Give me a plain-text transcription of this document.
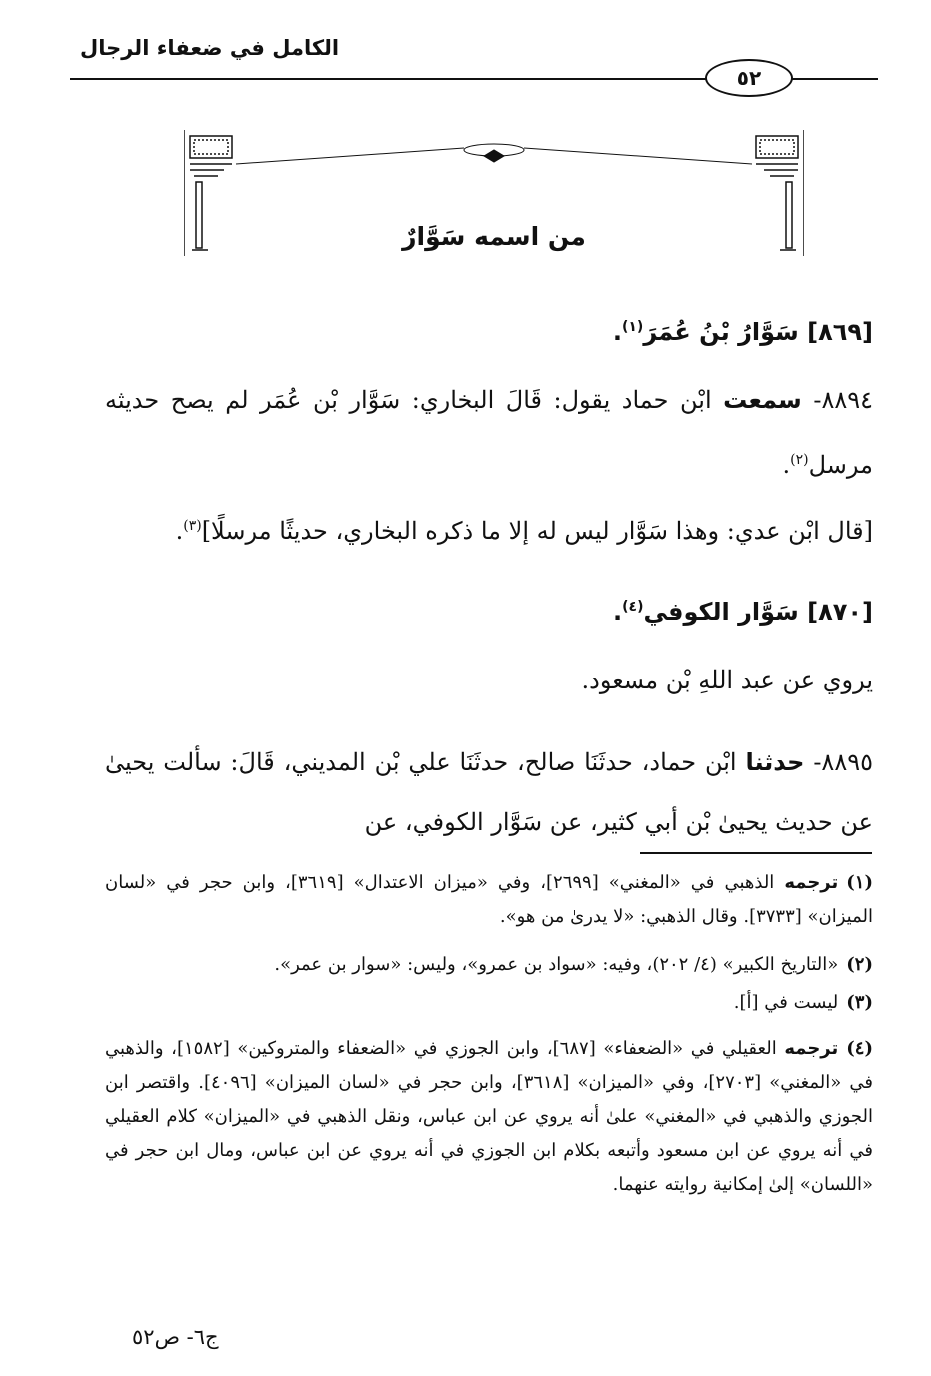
الكامل في ضعفاء الرجال
٥٢
من اسمه سَوَّارٌ
[٨٦٩] سَوَّارُ بْنُ عُمَرَ$^{(١)}$.
٨٨٩٤- سمعت ابْن حماد يقول: قَالَ البخاري: سَوَّار بْن عُمَر لم يصح حديثه مرسل$^{(٢)}$.
[قال ابْن عدي: وهذا سَوَّار ليس له إلا ما ذكره البخاري، حديثًا مرسلًا]$^{(٣)}$.
[٨٧٠] سَوَّار الكوفي$^{(٤)}$.
يروي عن عبد اللهِ بْن مسعود.
٨٨٩٥- حدثنا ابْن حماد، حدثَنَا صالح، حدثَنَا علي بْن المديني، قَالَ: سألت يحيىٰ عن حديث يحيىٰ بْن أبي كثير، عن سَوَّار الكوفي، عن
(١)ترجمه الذهبي في «المغني» [٢٦٩٩]، وفي «ميزان الاعتدال» [٣٦١٩]، وابن حجر في «لسان الميزان» [٣٧٣٣]. وقال الذهبي: «لا يدرىٰ من هو».
(٢)«التاريخ الكبير» (٤/ ٢٠٢)، وفيه: «سواد بن عمرو»، وليس: «سوار بن عمر».
(٣)ليست في [أ].
(٤)ترجمه العقيلي في «الضعفاء» [٦٨٧]، وابن الجوزي في «الضعفاء والمتروكين» [١٥٨٢]، والذهبي في «المغني» [٢٧٠٣]، وفي «الميزان» [٣٦١٨]، وابن حجر في «لسان الميزان» [٤٠٩٦]. واقتصر ابن الجوزي والذهبي في «المغني» علىٰ أنه يروي عن ابن عباس، ونقل الذهبي في «الميزان» كلام العقيلي في أنه يروي عن ابن مسعود وأتبعه بكلام ابن الجوزي في أنه يروي عن ابن عباس، ومال ابن حجر في «اللسان» إلىٰ إمكانية روايته عنهما.
ج٦- ص٥٢
